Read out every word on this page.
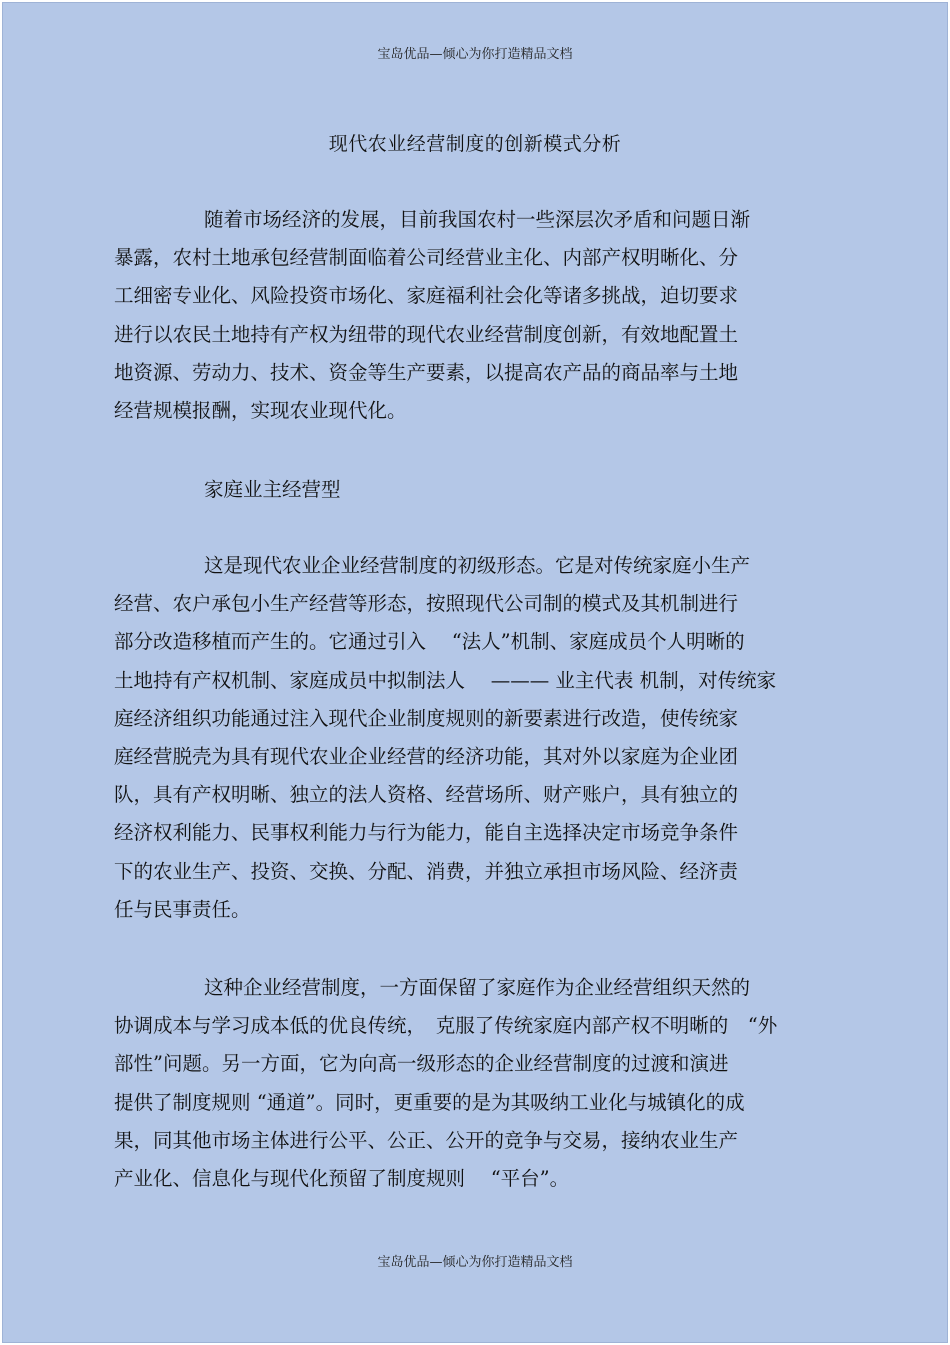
宝岛优品—倾心为你打造精品文档
现代农业经营制度的创新模式分析
随着市场经济的发展，目前我国农村一些深层次矛盾和问题日渐
暴露，农村土地承包经营制面临着公司经营业主化、内部产权明晰化、分
工细密专业化、风险投资市场化、家庭福利社会化等诸多挑战，迫切要求
进行以农民土地持有产权为纽带的现代农业经营制度创新，有效地配置土
地资源、劳动力、技术、资金等生产要素，以提高农产品的商品率与土地
经营规模报酬，实现农业现代化。
家庭业主经营型
这是现代农业企业经营制度的初级形态。它是对传统家庭小生产
经营、农户承包小生产经营等形态，按照现代公司制的模式及其机制进行
部分改造移植而产生的。它通过引入　 “法人”机制、家庭成员个人明晰的
土地持有产权机制、家庭成员中拟制法人　 ——— 业主代表 机制，对传统家
庭经济组织功能通过注入现代企业制度规则的新要素进行改造，使传统家
庭经营脱壳为具有现代农业企业经营的经济功能，其对外以家庭为企业团
队，具有产权明晰、独立的法人资格、经营场所、财产账户，具有独立的
经济权利能力、民事权利能力与行为能力，能自主选择决定市场竞争条件
下的农业生产、投资、交换、分配、消费，并独立承担市场风险、经济责
任与民事责任。
这种企业经营制度，一方面保留了家庭作为企业经营组织天然的
协调成本与学习成本低的优良传统，　克服了传统家庭内部产权不明晰的　“外
部性”问题。另一方面，它为向高一级形态的企业经营制度的过渡和演进
提供了制度规则 “通道”。同时，更重要的是为其吸纳工业化与城镇化的成
果，同其他市场主体进行公平、公正、公开的竞争与交易，接纳农业生产
产业化、信息化与现代化预留了制度规则　 “平台”。
宝岛优品—倾心为你打造精品文档
